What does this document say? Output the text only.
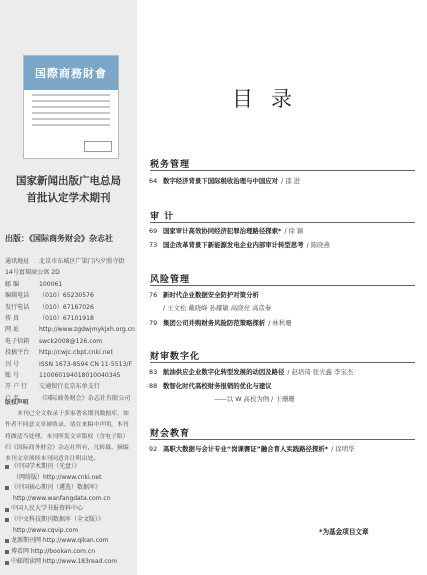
国際商務財會
国家新闻出版广电总局
首批认定学术期刊
出版：《国际商务财会》杂志社
通讯地址	北京市东城区广渠门内夕照寺街
14号富瑞商公寓 2D
邮 编	100061
编辑电话	（010）65230576
发行电话	（010）67167026
传 真	（010）67101918
网 址	http://www.zgdwjmykjxh.org.cn
电子信箱	swck2008@126.com
投稿平台	http://cwjc.cbpt.cnki.net
刊 号	ISSN 1673-8594 CN 11-5513/F
账 号	110060194018010040345
开 户 行	交通银行北京东单支行
户 名	《国际商务财会》杂志社有限公司
版权声明

本刊已全文收录于多家著名期刊数据库，如作者不同意文章被收录，请在来稿中声明，本刊将做适当处理。本刊所发文章版权（含电子版）归《国际商务财会》杂志社所有，凡转载、摘编本刊文章须经本刊同意并注明出处。

《中国学术期刊（光盘）》
（网络版）http://www.cnki.net
《中国核心期刊（遴选）数据库》
http://www.wanfangdata.com.cn
中国人民大学书报资料中心
《中文科技期刊数据库（全文版）》
http://www.cqvip.com
龙源期刊网 http://www.qikan.com
博看网 http://bookan.com.cn
中邮阅读网 http://www.183read.com
目录
税务管理
64 数字经济背景下国际税收治理与中国应对 / 邵 进
审 计
69 国家审计高效协同经济犯罪治理路径探索* / 徐 颖
73 国企改革背景下新能源发电企业内部审计转型思考 / 陈晓燕
风险管理
76 新时代企业数据安全防护对策分析
/ 王文松 戴晓峰 孙耀敏 高晓亮 高彦秦
79 集团公司并购财务风险防范策略探析 / 林秋珊
财审数字化
83 航油供应企业数字化转型发展的动因及路径 / 赵培琦 张光鑫 李宝杰
88 数智化时代高校财务报销的优化与建议
——以 W 高校为例 / 王珊珊
财会教育
92 高职大数据与会计专业“岗课赛证”融合育人实践路径探析* / 徐明华
*为基金项目文章
